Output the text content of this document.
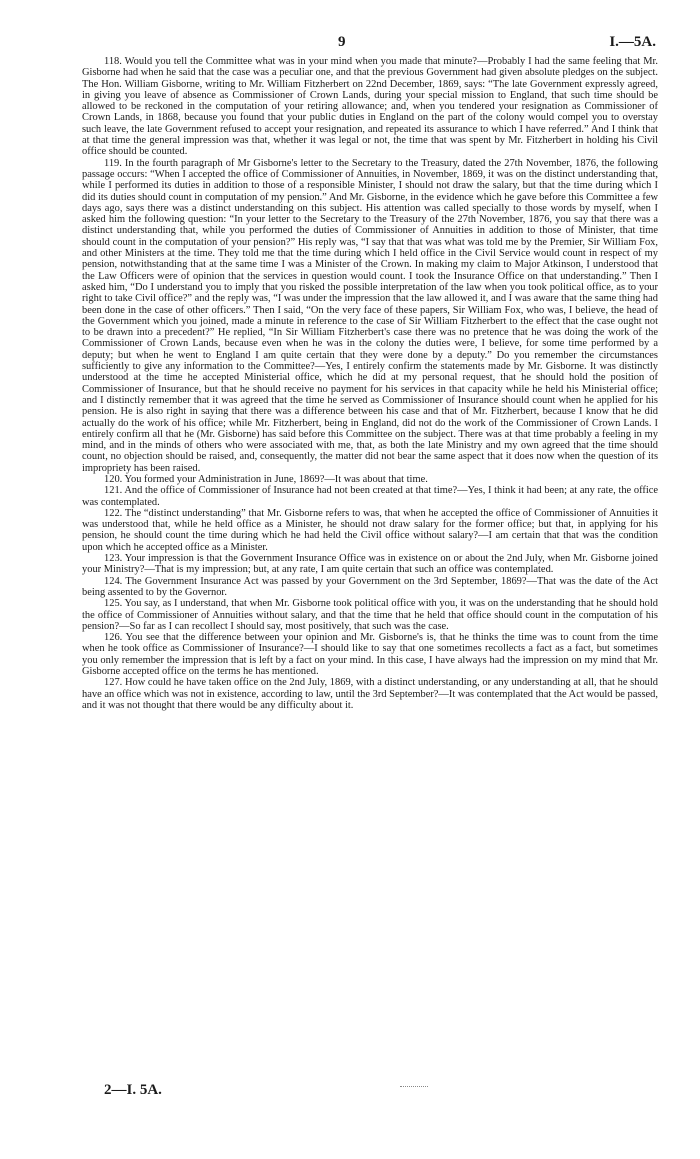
9	I.—5A.

118. Would you tell the Committee what was in your mind when you made that minute?—Probably I had the same feeling that Mr. Gisborne had when he said that the case was a peculiar one, and that the previous Government had given absolute pledges on the subject. The Hon. William Gisborne, writing to Mr. William Fitzherbert on 22nd December, 1869, says: “The late Government expressly agreed, in giving you leave of absence as Commissioner of Crown Lands, during your special mission to England, that such time should be allowed to be reckoned in the computation of your retiring allowance; and, when you tendered your resignation as Commissioner of Crown Lands, in 1868, because you found that your public duties in England on the part of the colony would compel you to overstay such leave, the late Government refused to accept your resignation, and repeated its assurance to which I have referred.” And I think that at that time the general impression was that, whether it was legal or not, the time that was spent by Mr. Fitzherbert in holding his Civil office should be counted.

119. In the fourth paragraph of Mr Gisborne's letter to the Secretary to the Treasury, dated the 27th November, 1876, the following passage occurs: “When I accepted the office of Commissioner of Annuities, in November, 1869, it was on the distinct understanding that, while I performed its duties in addition to those of a responsible Minister, I should not draw the salary, but that the time during which I did its duties should count in computation of my pension.” And Mr. Gisborne, in the evidence which he gave before this Committee a few days ago, says there was a distinct understanding on this subject. His attention was called specially to those words by myself, when I asked him the following question: “In your letter to the Secretary to the Treasury of the 27th November, 1876, you say that there was a distinct understanding that, while you performed the duties of Commissioner of Annuities in addition to those of Minister, that time should count in the computation of your pension?” His reply was, “I say that that was what was told me by the Premier, Sir William Fox, and other Ministers at the time. They told me that the time during which I held office in the Civil Service would count in respect of my pension, notwithstanding that at the same time I was a Minister of the Crown. In making my claim to Major Atkinson, I understood that the Law Officers were of opinion that the services in question would count. I took the Insurance Office on that understanding.” Then I asked him, “Do I understand you to imply that you risked the possible interpretation of the law when you took political office, as to your right to take Civil office?” and the reply was, “I was under the impression that the law allowed it, and I was aware that the same thing had been done in the case of other officers.” Then I said, “On the very face of these papers, Sir William Fox, who was, I believe, the head of the Government which you joined, made a minute in reference to the case of Sir William Fitzherbert to the effect that the case ought not to be drawn into a precedent?” He replied, “In Sir William Fitzherbert's case there was no pretence that he was doing the work of the Commissioner of Crown Lands, because even when he was in the colony the duties were, I believe, for some time performed by a deputy; but when he went to England I am quite certain that they were done by a deputy.” Do you remember the circumstances sufficiently to give any information to the Committee?—Yes, I entirely confirm the statements made by Mr. Gisborne. It was distinctly understood at the time he accepted Ministerial office, which he did at my personal request, that he should hold the position of Commissioner of Insurance, but that he should receive no payment for his services in that capacity while he held his Ministerial office; and I distinctly remember that it was agreed that the time he served as Commissioner of Insurance should count when he applied for his pension. He is also right in saying that there was a difference between his case and that of Mr. Fitzherbert, because I know that he did actually do the work of his office; while Mr. Fitzherbert, being in England, did not do the work of the Commissioner of Crown Lands. I entirely confirm all that he (Mr. Gisborne) has said before this Committee on the subject. There was at that time probably a feeling in my mind, and in the minds of others who were associated with me, that, as both the late Ministry and my own agreed that the time should count, no objection should be raised, and, consequently, the matter did not bear the same aspect that it does now when the question of its impropriety has been raised.

120. You formed your Administration in June, 1869?—It was about that time.

121. And the office of Commissioner of Insurance had not been created at that time?—Yes, I think it had been; at any rate, the office was contemplated.

122. The “distinct understanding” that Mr. Gisborne refers to was, that when he accepted the office of Commissioner of Annuities it was understood that, while he held office as a Minister, he should not draw salary for the former office; but that, in applying for his pension, he should count the time during which he had held the Civil office without salary?—I am certain that that was the condition upon which he accepted office as a Minister.

123. Your impression is that the Government Insurance Office was in existence on or about the 2nd July, when Mr. Gisborne joined your Ministry?—That is my impression; but, at any rate, I am quite certain that such an office was contemplated.

124. The Government Insurance Act was passed by your Government on the 3rd September, 1869?—That was the date of the Act being assented to by the Governor.

125. You say, as I understand, that when Mr. Gisborne took political office with you, it was on the understanding that he should hold the office of Commissioner of Annuities without salary, and that the time that he held that office should count in the computation of his pension?—So far as I can recollect I should say, most positively, that such was the case.

126. You see that the difference between your opinion and Mr. Gisborne's is, that he thinks the time was to count from the time when he took office as Commissioner of Insurance?—I should like to say that one sometimes recollects a fact as a fact, but sometimes you only remember the impression that is left by a fact on your mind. In this case, I have always had the impression on my mind that Mr. Gisborne accepted office on the terms he has mentioned.

127. How could he have taken office on the 2nd July, 1869, with a distinct understanding, or any understanding at all, that he should have an office which was not in existence, according to law, until the 3rd September?—It was contemplated that the Act would be passed, and it was not thought that there would be any difficulty about it.

2—I. 5A.
